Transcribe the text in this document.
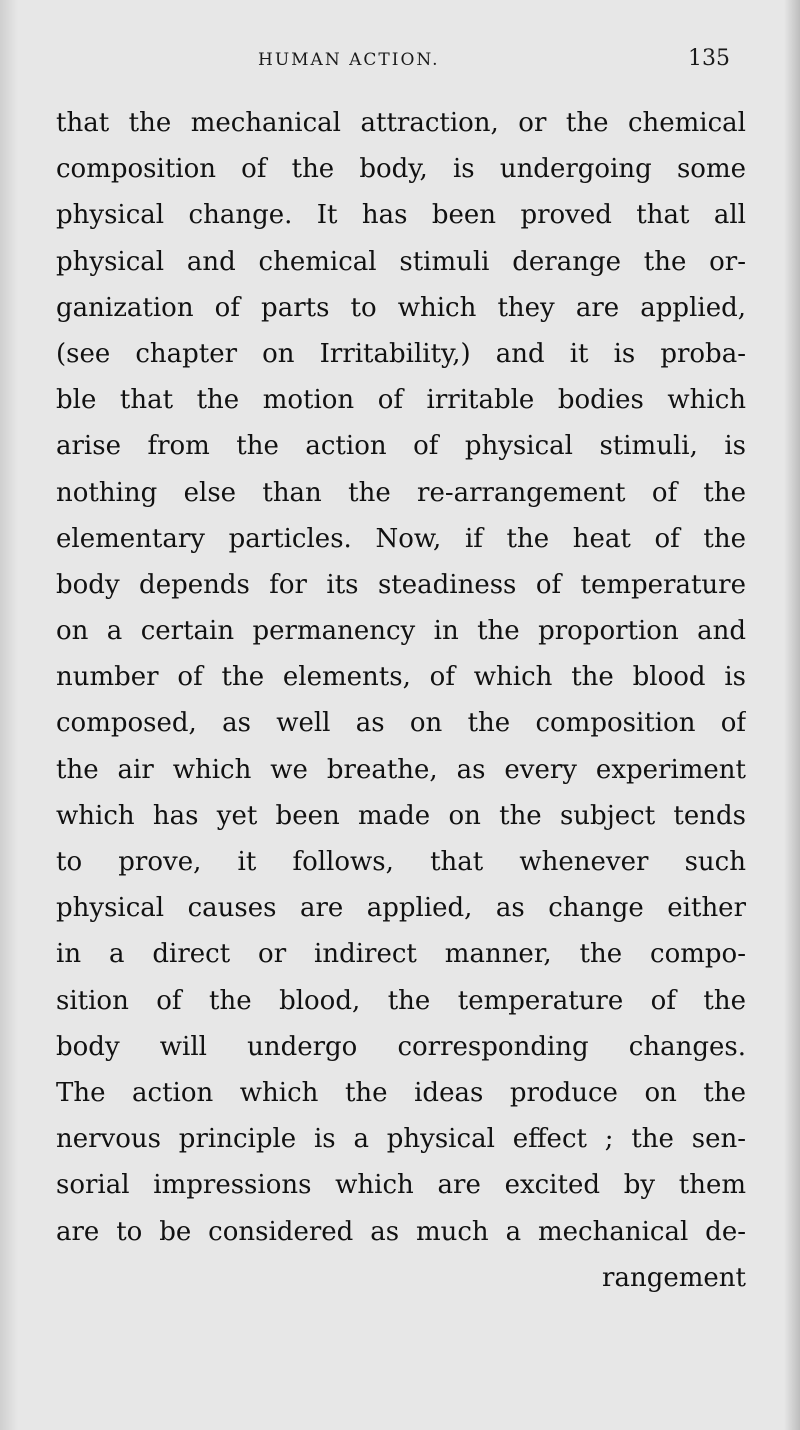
HUMAN ACTION.	135

that the mechanical attraction, or the chemical

composition of the body, is undergoing some

physical change. It has been proved that all

physical and chemical stimuli derange the or-

ganization of parts to which they are applied,

(see chapter on Irritability,) and it is proba-

ble that the motion of irritable bodies which

arise from the action of physical stimuli, is

nothing else than the re-arrangement of the

elementary particles. Now, if the heat of the

body depends for its steadiness of temperature

on a certain permanency in the proportion and

number of the elements, of which the blood is

composed, as well as on the composition of

the air which we breathe, as every experiment

which has yet been made on the subject tends

to prove, it follows, that whenever such

physical causes are applied, as change either

in a direct or indirect manner, the compo-

sition of the blood, the temperature of the

body will undergo corresponding changes.

The action which the ideas produce on the

nervous principle is a physical effect ; the sen-

sorial impressions which are excited by them

are to be considered as much a mechanical de-

rangement
